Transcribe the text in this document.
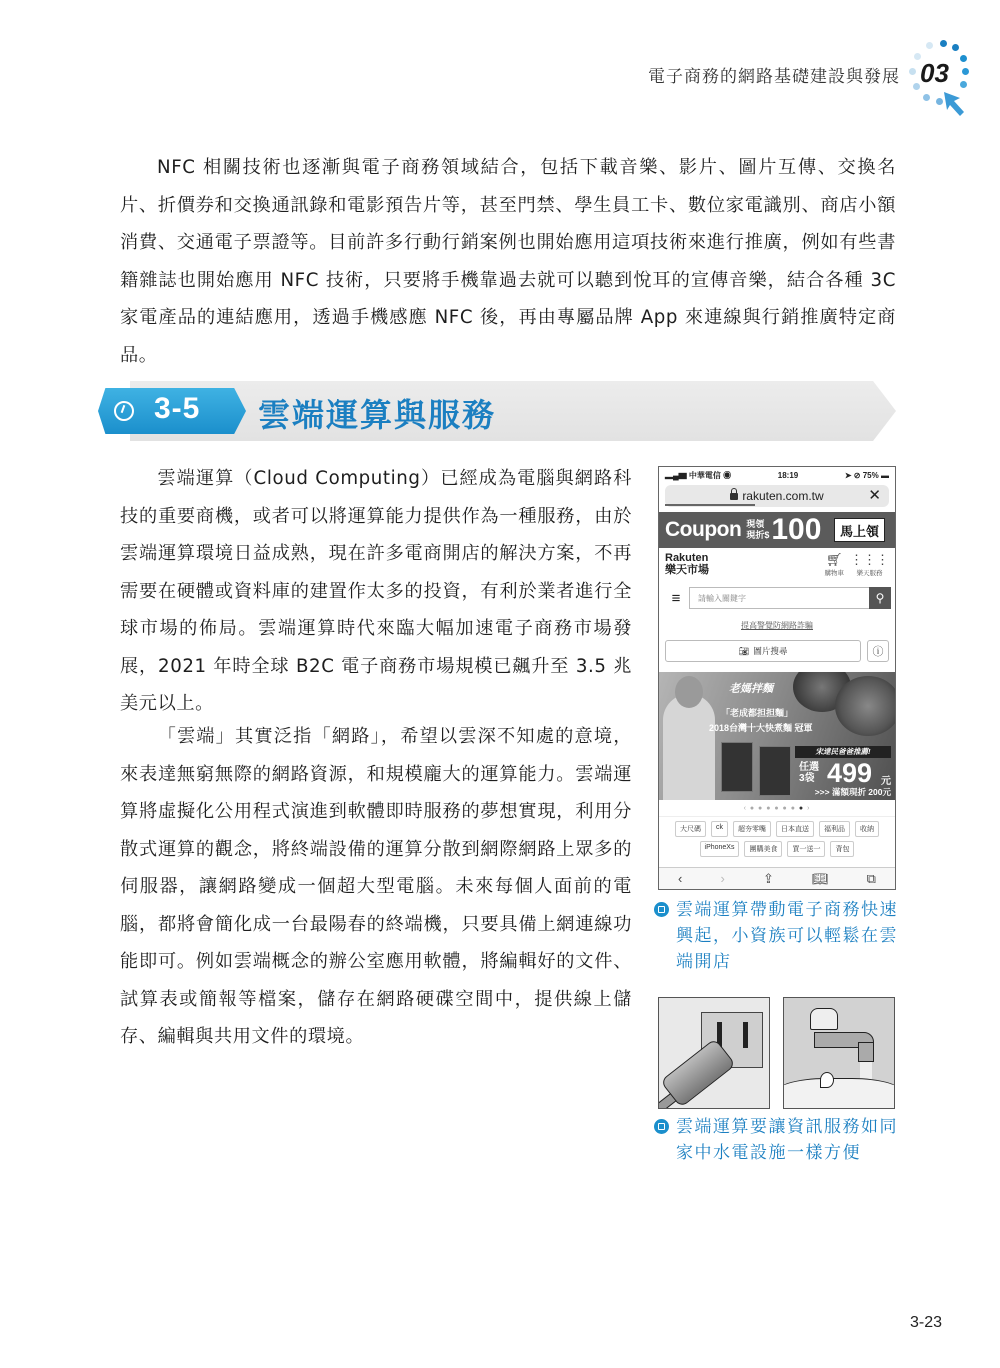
電子商務的網路基礎建設與發展 03

NFC 相關技術也逐漸與電子商務領域結合，包括下載音樂、影片、圖片互傳、交換名片、折價券和交換通訊錄和電影預告片等，甚至門禁、學生員工卡、數位家電識別、商店小額消費、交通電子票證等。目前許多行動行銷案例也開始應用這項技術來進行推廣，例如有些書籍雜誌也開始應用 NFC 技術，只要將手機靠過去就可以聽到悅耳的宣傳音樂，結合各種 3C 家電產品的連結應用，透過手機感應 NFC 後，再由專屬品牌 App 來連線與行銷推廣特定商品。

3-5 雲端運算與服務

雲端運算（Cloud Computing）已經成為電腦與網路科技的重要商機，或者可以將運算能力提供作為一種服務，由於雲端運算環境日益成熟，現在許多電商開店的解決方案，不再需要在硬體或資料庫的建置作太多的投資，有利於業者進行全球市場的佈局。雲端運算時代來臨大幅加速電子商務市場發展，2021 年時全球 B2C 電子商務市場規模已飆升至 3.5 兆美元以上。

「雲端」其實泛指「網路」，希望以雲深不知處的意境，來表達無窮無際的網路資源，和規模龐大的運算能力。雲端運算將虛擬化公用程式演進到軟體即時服務的夢想實現，利用分散式運算的觀念，將終端設備的運算分散到網際網路上眾多的伺服器，讓網路變成一個超大型電腦。未來每個人面前的電腦，都將會簡化成一台最陽春的終端機，只要具備上網連線功能即可。例如雲端概念的辦公室應用軟體，將編輯好的文件、試算表或簡報等檔案，儲存在網路硬碟空間中，提供線上儲存、編輯與共用文件的環境。

▂▄▆ 中華電信 ◉	18:19	➤ ⊘ 75% ▬
rakuten.com.tw	✕
Coupon 現領
現折$ 100	馬上領
Rakuten
樂天市場
🛒︎
購物車
⋮⋮⋮
樂天服務
≡	請輸入關鍵字	⚲
提高警覺防網路詐騙
📷︎ 圖片搜尋	ⓘ
老媽拌麵
「老成都担担麵」
2018台灣十大快煮麵 冠軍
宋達民爸爸推薦!
任選
3袋 499 元
>>> 滿額現折 200元
‹ ● ● ● ● ● ● ● ›
大尺碼	ck	超夯零嘴	日本直送	福利品	收納
iPhoneXs	團購美食	買一送一	背包
‹	›	⇪	📖︎	⧉
雲端運算帶動電子商務快速興起，小資族可以輕鬆在雲端開店
雲端運算要讓資訊服務如同家中水電設施一樣方便
3-23
